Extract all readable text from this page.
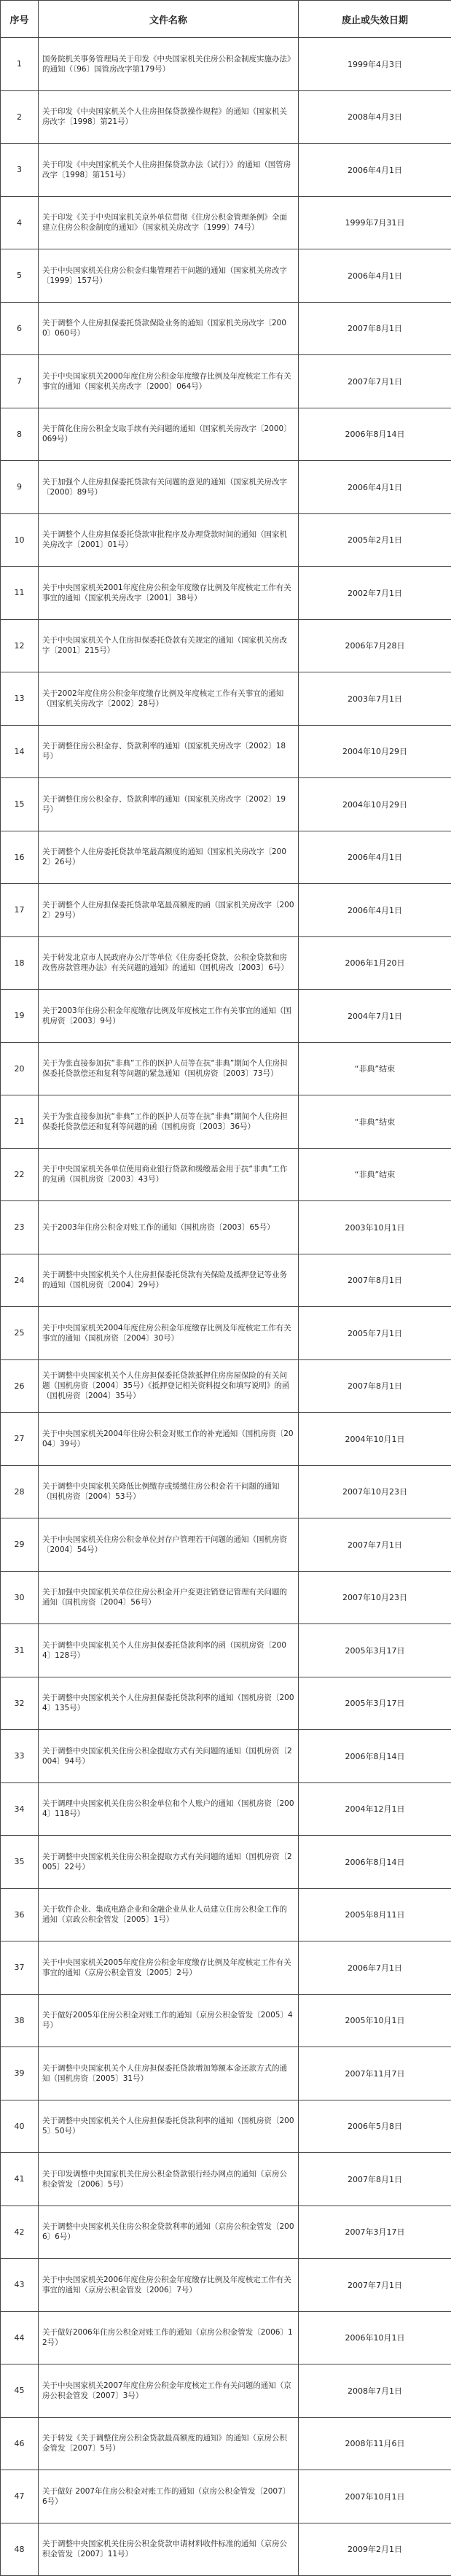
序号	文件名称	废止或失效日期
1	国务院机关事务管理局关于印发《中央国家机关住房公积金制度实施办法》的通知（〔96〕国管房改字第179号）	1999年4月3日
2	关于印发《中央国家机关个人住房担保贷款操作规程》的通知（国家机关房改字〔1998〕第21号）	2008年4月3日
3	关于印发《中央国家机关个人住房担保贷款办法（试行）》的通知（国管房改字〔1998〕第151号）	2006年4月1日
4	关于印发《关于中央国家机关京外单位贯彻《住房公积金管理条例》全面建立住房公积金制度的通知》（国家机关房改字〔1999〕74号）	1999年7月31日
5	关于中央国家机关住房公积金归集管理若干问题的通知（国家机关房改字〔1999〕157号）	2006年4月1日
6	关于调整个人住房担保委托贷款保险业务的通知（国家机关房改字〔2000〕060号）	2007年8月1日
7	关于中央国家机关2000年度住房公积金年度缴存比例及年度核定工作有关事宜的通知（国家机关房改字〔2000〕064号）	2007年7月1日
8	关于简化住房公积金支取手续有关问题的通知（国家机关房改字〔2000〕069号）	2006年8月14日
9	关于加强个人住房担保委托贷款有关问题的意见的通知（国家机关房改字〔2000〕89号）	2006年4月1日
10	关于调整个人住房担保委托贷款审批程序及办理贷款时间的通知（国家机关房改字〔2001〕01号）	2005年2月1日
11	关于中央国家机关2001年度住房公积金年度缴存比例及年度核定工作有关事宜的通知（国家机关房改字〔2001〕38号）	2002年7月1日
12	关于中央国家机关个人住房担保委托贷款有关规定的通知（国家机关房改字〔2001〕215号）	2006年7月28日
13	关于2002年度住房公积金年度缴存比例及年度核定工作有关事宜的通知（国家机关房改字〔2002〕28号）	2003年7月1日
14	关于调整住房公积金存、贷款利率的通知（国家机关房改字〔2002〕18号）	2004年10月29日
15	关于调整住房公积金存、贷款利率的通知（国家机关房改字〔2002〕19号）	2004年10月29日
16	关于调整个人住房委托贷款单笔最高额度的通知（国家机关房改字〔2002〕26号）	2006年4月1日
17	关于调整个人住房担保委托贷款单笔最高额度的函（国家机关房改字〔2002〕29号）	2006年4月1日
18	关于转发北京市人民政府办公厅等单位《住房委托贷款、公积金贷款和房改售房款管理办法》有关问题的通知》的通知（国机房改〔2003〕6号）	2006年1月20日
19	关于2003年住房公积金年度缴存比例及年度核定工作有关事宜的通知（国机房资〔2003〕9号）	2004年7月1日
20	关于为张直接参加抗“非典”工作的医护人员等在抗“非典”期间个人住房担保委托贷款偿还和复利等问题的紧急通知（国机房资〔2003〕73号）	“非典”结束
21	关于为张直接参加抗“非典”工作的医护人员等在抗“非典”期间个人住房担保委托贷款偿还和复利等问题的函（国机房资〔2003〕36号）	“非典”结束
22	关于中央国家机关各单位使用商业银行贷款和缓缴基金用于抗“非典”工作的复函（国机房资〔2003〕43号）	“非典”结束
23	关于2003年住房公积金对账工作的通知（国机房资〔2003〕65号）	2003年10月1日
24	关于调整中央国家机关个人住房担保委托贷款有关保险及抵押登记等业务的通知（国机房资〔2004〕29号）	2007年8月1日
25	关于中央国家机关2004年度住房公积金年度缴存比例及年度核定工作有关事宜的通知（国机房资〔2004〕30号）	2005年7月1日
26	关于调整中央国家机关个人住房担保委托贷款抵押住房房屋保险的有关问题（国机房资〔2004〕35号）《抵押登记相关资料提交和填写说明》的函（国机房资〔2004〕35号）	2007年8月1日
27	关于中央国家机关2004年住房公积金对账工作的补充通知（国机房资〔2004〕39号）	2004年10月1日
28	关于调整中央国家机关降低比例缴存或缓缴住房公积金若干问题的通知（国机房资〔2004〕53号）	2007年10月23日
29	关于中央国家机关住房公积金单位封存户管理若干问题的通知（国机房资〔2004〕54号）	2007年7月1日
30	关于加强中央国家机关单位住房公积金开户变更注销登记管理有关问题的通知（国机房资〔2004〕56号）	2007年10月23日
31	关于调整中央国家机关个人住房担保委托贷款利率的函（国机房资〔2004〕128号）	2005年3月17日
32	关于调整中央国家机关个人住房担保委托贷款利率的通知（国机房资〔2004〕135号）	2005年3月17日
33	关于调整中央国家机关住房公积金提取方式有关问题的通知（国机房资〔2004〕94号）	2006年8月14日
34	关于调理中央国家机关住房公积金单位和个人账户的通知（国机房资〔2004〕118号）	2004年12月1日
35	关于调整中央国家机关住房公积金提取方式有关问题的通知（国机房资〔2005〕22号）	2006年8月14日
36	关于软件企业、集成电路企业和金融企业从业人员建立住房公积金工作的通知（京政公积金管发〔2005〕1号）	2005年8月11日
37	关于中央国家机关2005年度住房公积金年度缴存比例及年度核定工作有关事宜的通知（京房公积金管发〔2005〕2号）	2006年7月1日
38	关于做好2005年住房公积金对账工作的通知（京房公积金管发〔2005〕4号）	2005年10月1日
39	关于调整中央国家机关个人住房担保委托贷款增加筹额本金还款方式的通知（国机房资〔2005〕31号）	2007年11月7日
40	关于调整中央国家机关个人住房担保委托贷款利率的通知（国机房资〔2005〕50号）	2006年5月8日
41	关于印发调整中央国家机关住房公积金贷款银行经办网点的通知（京房公积金管发〔2006〕5号）	2007年8月1日
42	关于调整中央国家机关住房公积金贷款利率的通知（京房公积金管发〔2006〕6号）	2007年3月17日
43	关于中央国家机关2006年度住房公积金年度缴存比例及年度核定工作有关事宜的通知（京房公积金管发〔2006〕7号）	2007年7月1日
44	关于做好2006年住房公积金对账工作的通知（京房公积金管发〔2006〕12号）	2006年10月1日
45	关于中央国家机关2007年度住房公积金年度核定工作有关问题的通知（京房公积金管发〔2007〕3号）	2008年7月1日
46	关于转发《关于调整住房公积金贷款最高额度的通知》的通知（京房公积金管发〔2007〕5号）	2008年11月6日
47	关于做好 2007年住房公积金对账工作的通知（京房公积金管发〔2007〕6号）	2007年10月1日
48	关于调整中央国家机关住房公积金贷款申请材料收件标准的通知（京房公积金管发〔2007〕11号）	2009年2月1日
